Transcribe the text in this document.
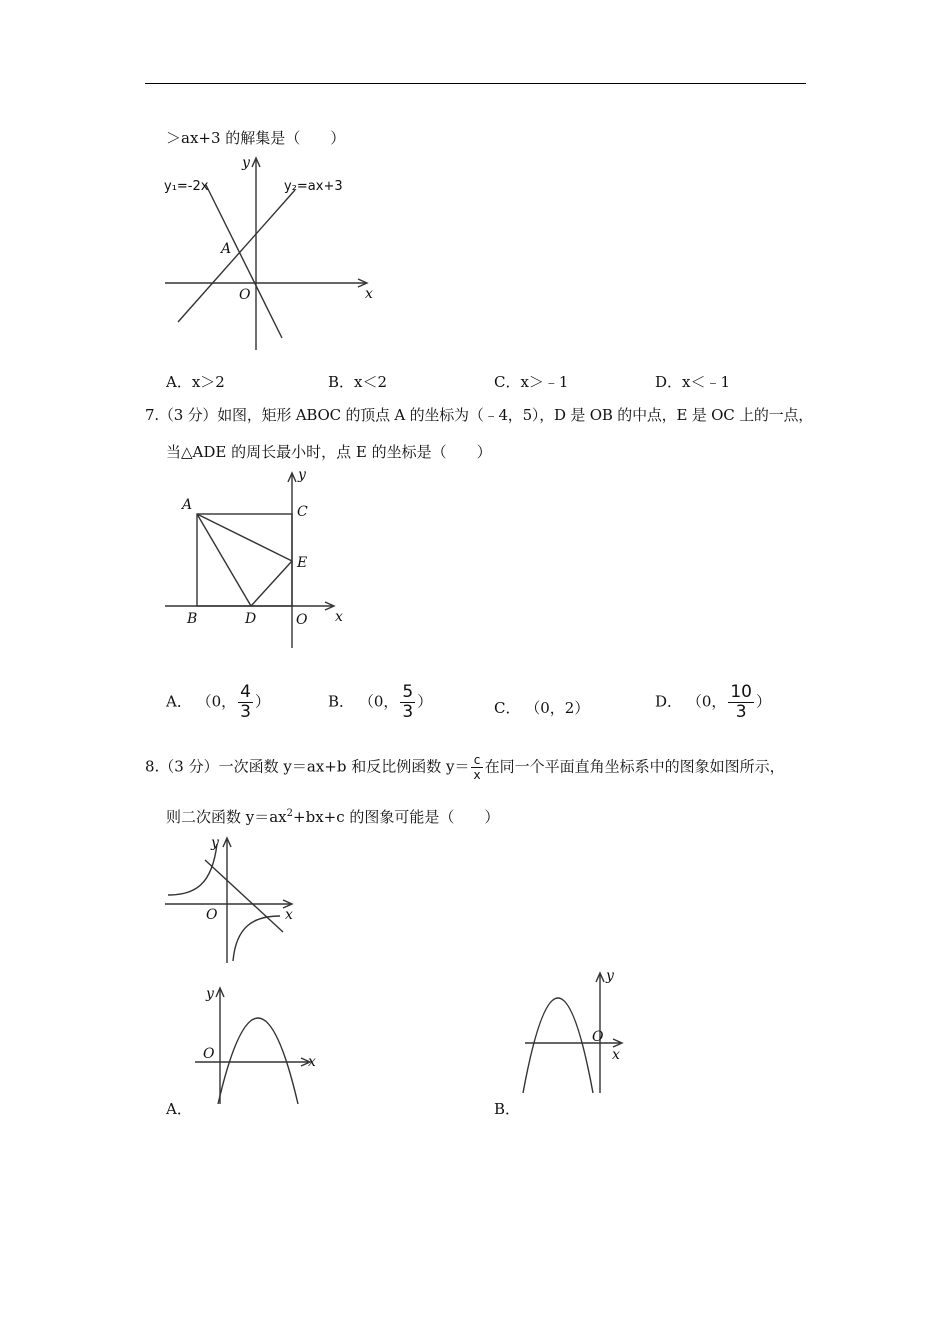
＞ax+3 的解集是（　　）
y₁=-2x	y₂=ax+3
A
O	x
y
A．x＞2	B．x＜2	C．x＞﹣1	D．x＜﹣1
7.（3 分）如图，矩形 ABOC 的顶点 A 的坐标为（﹣4，5），D 是 OB 的中点，E 是 OC 上的一点，
当△ADE 的周长最小时，点 E 的坐标是（　　）
A
B
C
D
E
O x
y
A． （0， $\frac{4}{3}$ ）	B． （0， $\frac{5}{3}$ ）	C． （0，2）	D． （0， $\frac{10}{3}$ ）
8.（3 分）一次函数 y＝ax+b 和反比例函数 $y= \frac{c}{x}$ 在同一个平面直角坐标系中的图象如图所示，
则二次函数 $y=ax^2+bx+c$ 的图象可能是（　　）
O	x
y
O	x
y
A．
O
x
y
B．
